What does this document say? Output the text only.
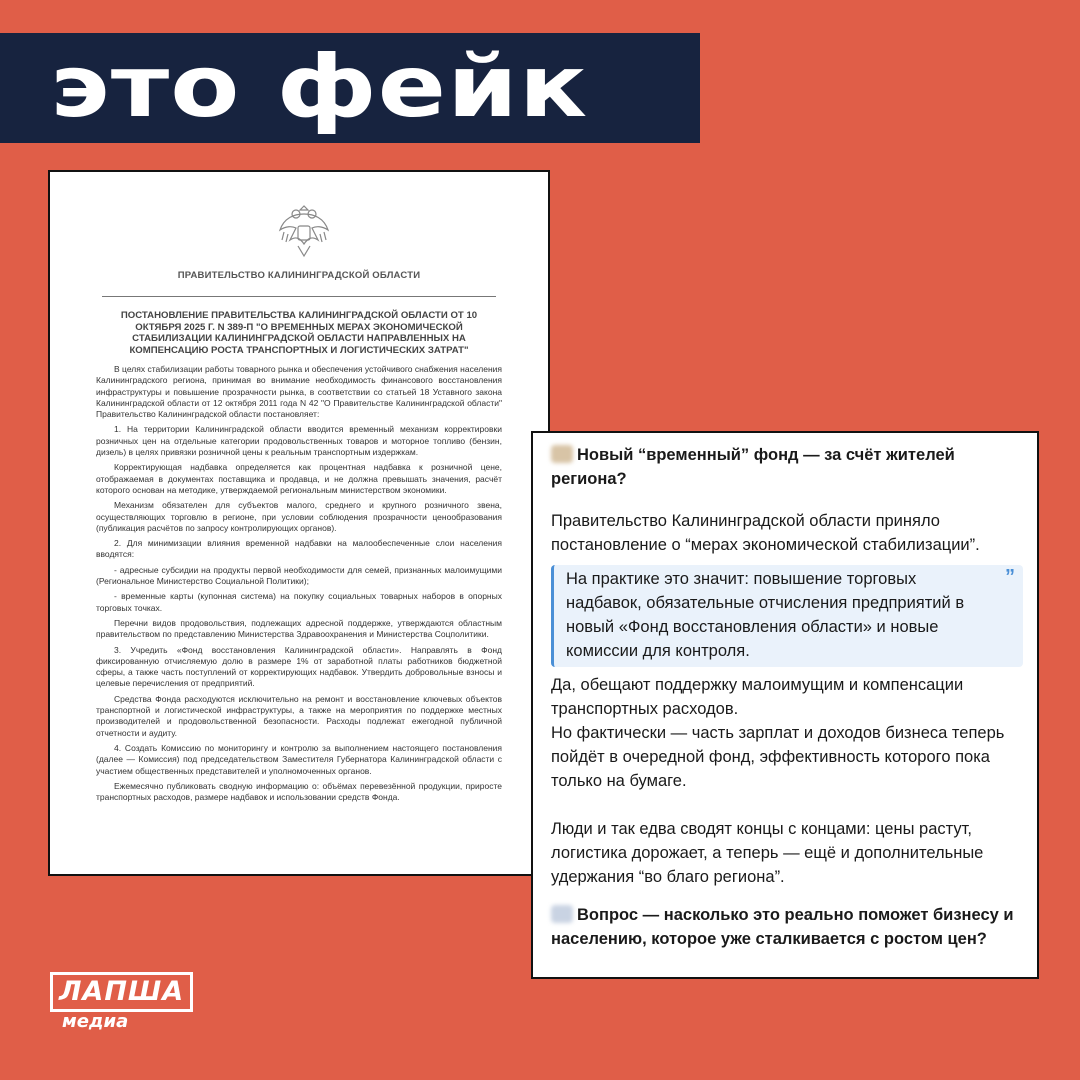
это фейк
ПРАВИТЕЛЬСТВО КАЛИНИНГРАДСКОЙ ОБЛАСТИ
ПОСТАНОВЛЕНИЕ ПРАВИТЕЛЬСТВА КАЛИНИНГРАДСКОЙ ОБЛАСТИ ОТ 10 ОКТЯБРЯ 2025 Г. N 389-П "О ВРЕМЕННЫХ МЕРАХ ЭКОНОМИЧЕСКОЙ СТАБИЛИЗАЦИИ КАЛИНИНГРАДСКОЙ ОБЛАСТИ НАПРАВЛЕННЫХ НА КОМПЕНСАЦИЮ РОСТА ТРАНСПОРТНЫХ И ЛОГИСТИЧЕСКИХ ЗАТРАТ"

В целях стабилизации работы товарного рынка и обеспечения устойчивого снабжения населения Калининградского региона, принимая во внимание необходимость финансового восстановления инфраструктуры и повышение прозрачности рынка, в соответствии со статьей 18 Уставного закона Калининградской области от 12 октября 2011 года N 42 "О Правительстве Калининградской области" Правительство Калининградской области постановляет:

1. На территории Калининградской области вводится временный механизм корректировки розничных цен на отдельные категории продовольственных товаров и моторное топливо (бензин, дизель) в целях привязки розничной цены к реальным транспортным издержкам.

Корректирующая надбавка определяется как процентная надбавка к розничной цене, отображаемая в документах поставщика и продавца, и не должна превышать значения, расчёт которого основан на методике, утверждаемой региональным министерством экономики.

Механизм обязателен для субъектов малого, среднего и крупного розничного звена, осуществляющих торговлю в регионе, при условии соблюдения прозрачности ценообразования (публикация расчётов по запросу контролирующих органов).

2. Для минимизации влияния временной надбавки на малообеспеченные слои населения вводятся:

- адресные субсидии на продукты первой необходимости для семей, признанных малоимущими (Региональное Министерство Социальной Политики);

- временные карты (купонная система) на покупку социальных товарных наборов в опорных торговых точках.

Перечни видов продовольствия, подлежащих адресной поддержке, утверждаются областным правительством по представлению Министерства Здравоохранения и Министерства Соцполитики.

3. Учредить «Фонд восстановления Калининградской области». Направлять в Фонд фиксированную отчисляемую долю в размере 1% от заработной платы работников бюджетной сферы, а также часть поступлений от корректирующих надбавок. Утвердить добровольные взносы и целевые перечисления от предприятий.

Средства Фонда расходуются исключительно на ремонт и восстановление ключевых объектов транспортной и логистической инфраструктуры, а также на мероприятия по поддержке местных производителей и продовольственной безопасности. Расходы подлежат ежегодной публичной отчетности и аудиту.

4. Создать Комиссию по мониторингу и контролю за выполнением настоящего постановления (далее — Комиссия) под председательством Заместителя Губернатора Калининградской области с участием общественных представителей и уполномоченных органов.

Ежемесячно публиковать сводную информацию о: объёмах перевезённой продукции, приросте транспортных расходов, размере надбавок и использовании средств Фонда.

Новый “временный” фонд — за счёт жителей региона?

Правительство Калининградской области приняло постановление о “мерах экономической стабилизации”.

”
На практике это значит: повышение торговых надбавок, обязательные отчисления предприятий в новый «Фонд восстановления области» и новые комиссии для контроля.

Да, обещают поддержку малоимущим и компенсации транспортных расходов.

Но фактически — часть зарплат и доходов бизнеса теперь пойдёт в очередной фонд, эффективность которого пока только на бумаге.

Люди и так едва сводят концы с концами: цены растут, логистика дорожает, а теперь — ещё и дополнительные удержания “во благо региона”.

Вопрос — насколько это реально поможет бизнесу и населению, которое уже сталкивается с ростом цен?

ЛАПША
медиа
